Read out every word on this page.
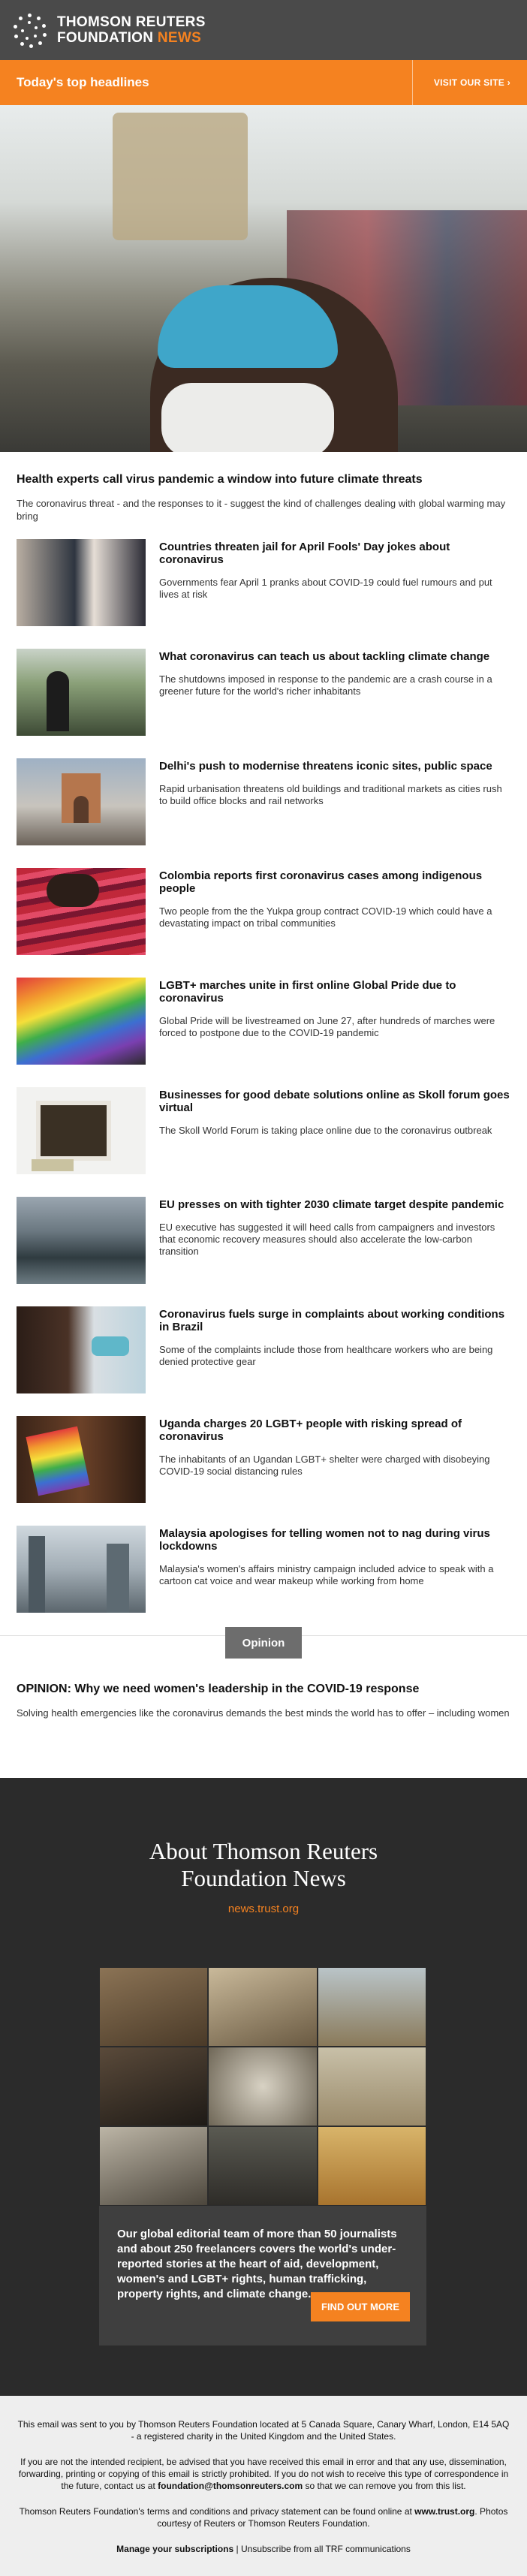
THOMSON REUTERS
FOUNDATION NEWS
Today's top headlines	VISIT OUR SITE ›
Health experts call virus pandemic a window into future climate threats

The coronavirus threat - and the responses to it - suggest the kind of challenges dealing with global warming may bring

Countries threaten jail for April Fools' Day jokes about coronavirus

Governments fear April 1 pranks about COVID-19 could fuel rumours and put lives at risk

What coronavirus can teach us about tackling climate change

The shutdowns imposed in response to the pandemic are a crash course in a greener future for the world's richer inhabitants

Delhi's push to modernise threatens iconic sites, public space

Rapid urbanisation threatens old buildings and traditional markets as cities rush to build office blocks and rail networks

Colombia reports first coronavirus cases among indigenous people

Two people from the the Yukpa group contract COVID-19 which could have a devastating impact on tribal communities

LGBT+ marches unite in first online Global Pride due to coronavirus

Global Pride will be livestreamed on June 27, after hundreds of marches were forced to postpone due to the COVID-19 pandemic

Businesses for good debate solutions online as Skoll forum goes virtual

The Skoll World Forum is taking place online due to the coronavirus outbreak

EU presses on with tighter 2030 climate target despite pandemic

EU executive has suggested it will heed calls from campaigners and investors that economic recovery measures should also accelerate the low-carbon transition

Coronavirus fuels surge in complaints about working conditions in Brazil

Some of the complaints include those from healthcare workers who are being denied protective gear

Uganda charges 20 LGBT+ people with risking spread of coronavirus

The inhabitants of an Ugandan LGBT+ shelter were charged with disobeying COVID-19 social distancing rules

Malaysia apologises for telling women not to nag during virus lockdowns

Malaysia's women's affairs ministry campaign included advice to speak with a cartoon cat voice and wear makeup while working from home

Opinion
OPINION: Why we need women's leadership in the COVID-19 response

Solving health emergencies like the coronavirus demands the best minds the world has to offer – including women

About Thomson Reuters Foundation News
news.trust.org

Our global editorial team of more than 50 journalists and about 250 freelancers covers the world's under-reported stories at the heart of aid, development, women's and LGBT+ rights, human trafficking, property rights, and climate change.

FIND OUT MORE

This email was sent to you by Thomson Reuters Foundation located at 5 Canada Square, Canary Wharf, London, E14 5AQ - a registered charity in the United Kingdom and the United States.

If you are not the intended recipient, be advised that you have received this email in error and that any use, dissemination, forwarding, printing or copying of this email is strictly prohibited. If you do not wish to receive this type of correspondence in the future, contact us at foundation@thomsonreuters.com so that we can remove you from this list.

Thomson Reuters Foundation's terms and conditions and privacy statement can be found online at www.trust.org. Photos courtesy of Reuters or Thomson Reuters Foundation.

Manage your subscriptions | Unsubscribe from all TRF communications
